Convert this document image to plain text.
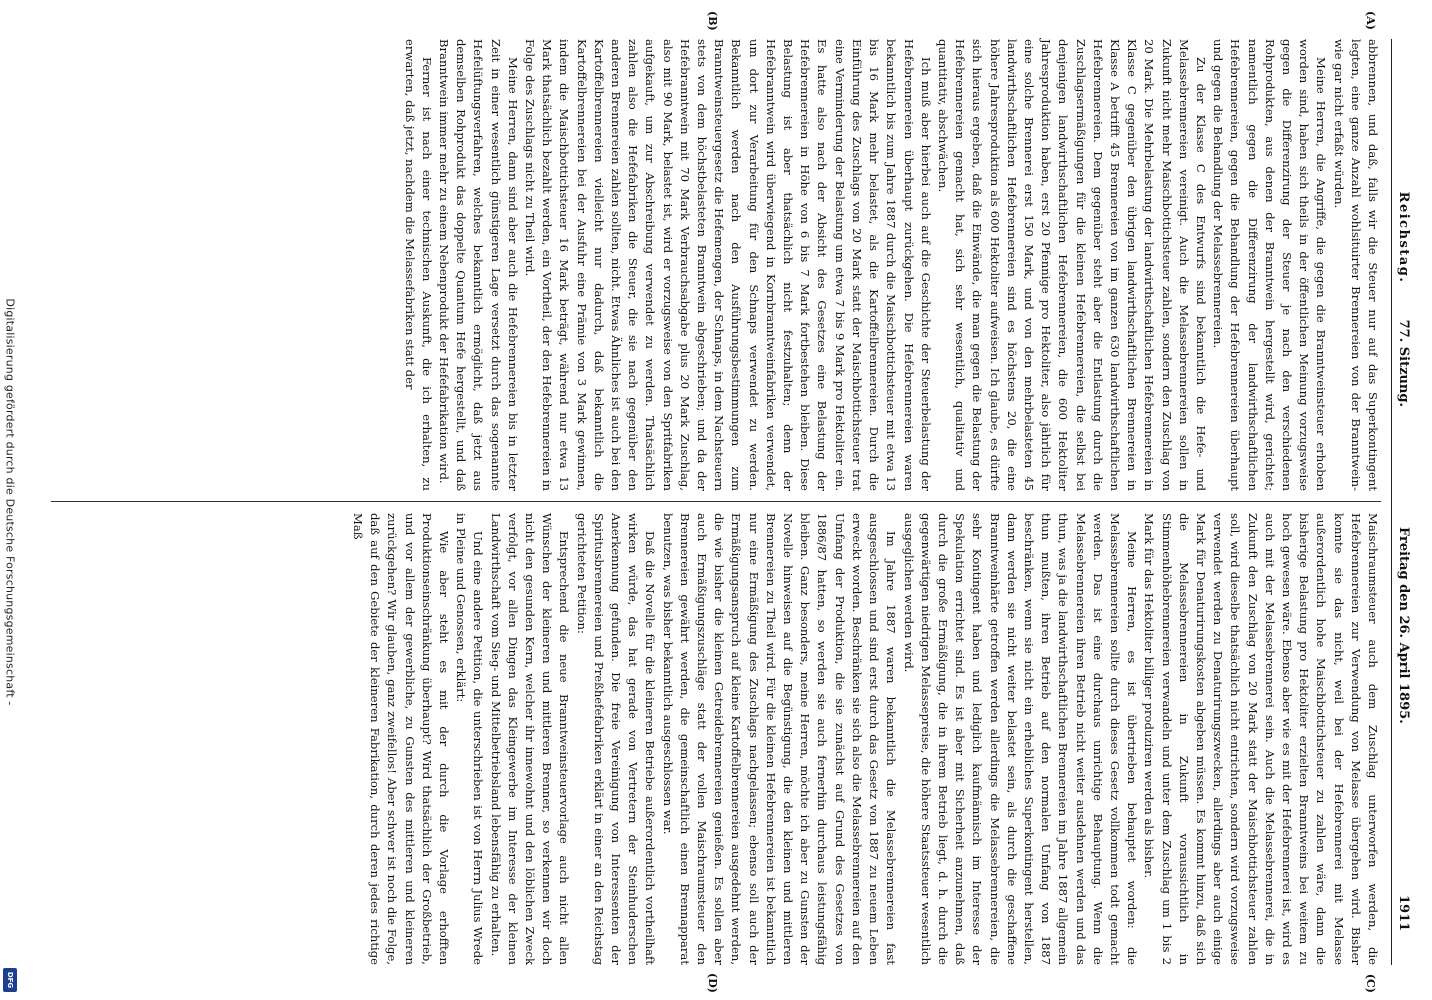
Digitalisierung gefördert durch die Deutsche Forschungsgemeinschaft -
DFG
Reichstag.        77. Sitzung.
Freitag den 26. April 1895.
1911
(A)
(B)

abbrennen, und daß, falls wir die Steuer nur auf das Superkontingent legten, eine ganze Anzahl wohlsituirter Brennereien von der Branntwein- wie gar nicht erfaßt würden.

Meine Herren, die Angriffe, die gegen die Branntweinsteuer erhoben worden sind, haben sich theils in der öffentlichen Meinung vorzugsweise gegen die Differenzirung der Steuer je nach den verschiedenen Rohprodukten, aus denen der Branntwein hergestellt wird, gerichtet; namentlich gegen die Differenzirung der landwirthschaftlichen Hefebrennereien, gegen die Behandlung der Hefebrennereien überhaupt und gegen die Behandlung der Melassebrennereien.

Zu der Klasse C des Entwurfs sind bekanntlich die Hefe- und Melassebrennereien vereinigt. Auch die Melassebrennereien sollen in Zukunft nicht mehr Maischbottichsteuer zahlen, sondern den Zuschlag von 20 Mark. Die Mehrbelastung der landwirthschaftlichen Hefebrennereien in Klasse C gegenüber den übrigen landwirthschaftlichen Brennereien in Klasse A betrifft 45 Brennereien von im ganzen 630 landwirthschaftlichen Hefebrennereien. Dem gegenüber steht aber die Entlastung durch die Zuschlagsermäßigungen für die kleinen Hefebrennereien, die selbst bei denjenigen landwirthschaftlichen Hefebrennereien, die 600 Hektoliter Jahresproduktion haben, erst 20 Pfennige pro Hektoliter, also jährlich für eine solche Brennerei erst 150 Mark, und von den mehrbelasteten 45 landwirthschaftlichen Hefebrennereien sind es höchstens 20, die eine höhere Jahresproduktion als 600 Hektoliter aufweisen. Ich glaube, es dürfte sich hieraus ergeben, daß die Einwände, die man gegen die Belastung der Hefebrennereien gemacht hat, sich sehr wesentlich, qualitativ und quantitativ, abschwächen.

Ich muß aber hierbei auch auf die Geschichte der Steuerbelastung der Hefebrennereien überhaupt zurückgehen. Die Hefebrennereien waren bekanntlich bis zum Jahre 1887 durch die Maischbottichsteuer mit etwa 13 bis 16 Mark mehr belastet, als die Kartoffelbrennereien. Durch die Einführung des Zuschlags von 20 Mark statt der Maischbottichsteuer trat eine Verminderung der Belastung um etwa 7 bis 9 Mark pro Hektoliter ein. Es hatte also nach der Absicht des Gesetzes eine Belastung der Hefebrennereien in Höhe von 6 bis 7 Mark fortbestehen bleiben. Diese Belastung ist aber thatsächlich nicht festzuhalten; denn der Hefebranntwein wird überwiegend in Kornbranntweinfabriken verwendet, um dort zur Verarbeitung für den Schnaps verwendet zu werden. Bekanntlich werden nach den Ausführungsbestimmungen zum Branntweinsteuergesetz die Hefemengen, der Schnaps, in dem Nachsteuern stets von dem höchstbelasteten Branntwein abgeschrieben; und da der Hefebranntwein mit 70 Mark Verbrauchsabgabe plus 20 Mark Zuschlag, also mit 90 Mark, belastet ist, wird er vorzugsweise von den Spritfabriken aufgekauft, um zur Abschreibung verwendet zu werden. Thatsächlich zahlen also die Hefefabriken die Steuer, die sie nach gegenüber den anderen Brennereien zahlen sollten, nicht. Etwas Ähnliches ist auch bei den Kartoffelbrennereien vielleicht nur dadurch, daß bekanntlich die Kartoffelbrennereien bei der Ausfuhr eine Prämie von 3 Mark gewinnen, indem die Maischbottichsteuer 16 Mark beträgt, während nur etwa 13 Mark thatsächlich bezahlt werden, ein Vortheil, der den Hefebrennereien in Folge des Zuschlags nicht zu Theil wird.

Meine Herren, dann sind aber auch die Hefebrennereien bis in letzter Zeit in einer wesentlich günstigeren Lage versetzt durch das sogenannte Hefelüftungsverfahren, welches bekanntlich ermöglicht, daß jetzt aus demselben Rohprodukt das doppelte Quantum Hefe hergestellt, und daß Branntwein immer mehr zu einem Nebenprodukt der Hefefabrikation wird.

Ferner ist nach einer technischen Auskunft, die ich erhalten, zu erwarten, daß jetzt, nachdem die Melassefabriken statt der

(C)
(D)

Maischraumsteuer auch dem Zuschlag unterworfen werden, die Hefebrennereien zur Verwendung von Melasse übergehen wird. Bisher konnte sie das nicht, weil bei der Hefebrennerei mit Melasse außerordentlich hohe Maischbottichsteuer zu zahlen wäre, dann die bisherige Belastung pro Hektoliter erzielten Branntweins bei weitem zu hoch gewesen wäre. Ebenso aber wie es mit der Hefebrennerei ist, wird es auch mit der Melassebrennerei sein. Auch die Melassebrennerei, die in Zukunft den Zuschlag von 20 Mark statt der Maischbottichsteuer zahlen soll, wird dieselbe thatsächlich nicht entrichten, sondern wird vorzugsweise verwendet werden zu Denaturirungszwecken, allerdings aber auch einige Mark für Denaturirungskosten abgeben müssen. Es kommt hinzu, daß sich die Melassebrennereien in Zukunft voraussichtlich in Stimmenhöhebrennereien verwandeln und unter dem Zuschlag um 1 bis 2 Mark für das Hektoliter billiger produziren werden als bisher.

Meine Herren, es ist übertrieben behauptet worden: die Melassebrennereien sollte durch dieses Gesetz vollkommen todt gemacht werden. Das ist eine durchaus unrichtige Behauptung. Wenn die Melassebrennereien ihren Betrieb nicht weiter ausdehnen werden und das thun, was ja die landwirthschaftlichen Brennereien im Jahre 1887 allgemein thun mußten, ihren Betrieb auf den normalen Umfang von 1887 beschränken, wenn sie nicht ein erhebliches Superkontingent herstellen, dann werden sie nicht weiter belastet sein, als durch die geschaffene Branntweinhärte getroffen werden allerdings die Melassebrennereien, die sehr Kontingent haben und lediglich kaufmännisch im Interesse der Spekulation errichtet sind. Es ist aber mit Sicherheit anzunehmen, daß durch die große Ermäßigung, die in ihrem Betrieb liegt, d. h. durch die gegenwärtigen niedrigen Melassepreise, die höhere Staatssteuer wesentlich ausgeglichen werden wird.

Im Jahre 1887 waren bekanntlich die Melassebrennereien fast ausgeschlossen und sind erst durch das Gesetz von 1887 zu neuem Leben erweckt worden. Beschränken sie sich also die Melassebrennereien auf den Umfang der Produktion, die sie zunächst auf Grund des Gesetzes von 1886/87 hatten, so werden sie auch fernerhin durchaus leistungsfähig bleiben. Ganz besonders, meine Herren, möchte ich aber zu Gunsten der Novelle hinweisen auf die Begünstigung, die den kleinen und mittleren Brennereien zu Theil wird. Für die kleinen Hefebrennereien ist bekanntlich nur eine Ermäßigung des Zuschlags nachgelassen; ebenso soll auch der Ermäßigungsanspruch auf kleine Kartoffelbrennereien ausgedehnt werden, die wie bisher die kleinen Getreidebrennereien genießen. Es sollen aber auch Ermäßigungszuschläge statt der vollen Maischraumsteuer den Brennereien gewährt werden, die gemeinschaftlich einen Brennapparat benutzen, was bisher bekanntlich ausgeschlossen war.

Daß die Novelle für die kleineren Betriebe außerordentlich vortheilhaft wirken würde, das hat gerade von Vertretern der Steinhuderschen Anerkennung gefunden. Die freie Vereinigung von Interessenten der Spiritusbrennereien und Preßhefefabriken erklärt in einer an den Reichstag gerichteten Petition:

Entsprechend die neue Branntweinsteuervorlage auch nicht allen Wünschen der kleineren und mittleren Brenner, so verkennen wir doch nicht den gesunden Kern, welcher ihr innewohnt und den löblichen Zweck verfolgt, vor allen Dingen das Kleingewerbe im Interesse der kleinen Landwirthschaft vom Sieg- und Mittelbetriebsland lebensfähig zu erhalten.

Und eine andere Petition, die unterschrieben ist von Herrn Julius Wrede in Pleine und Genossen, erklärt:

Wie aber steht es mit der durch die Vorlage erhofften Produktionseinschränkung überhaupt? Wird thatsächlich der Großbetrieb, und vor allem der gewerbliche, zu Gunsten des mittleren und kleineren zurückgehen? Wir glauben, ganz zweifellos! Aber schwer ist noch die Folge, daß auf den Gebiete der kleineren Fabrikation, durch deren jedes richtige Maß
